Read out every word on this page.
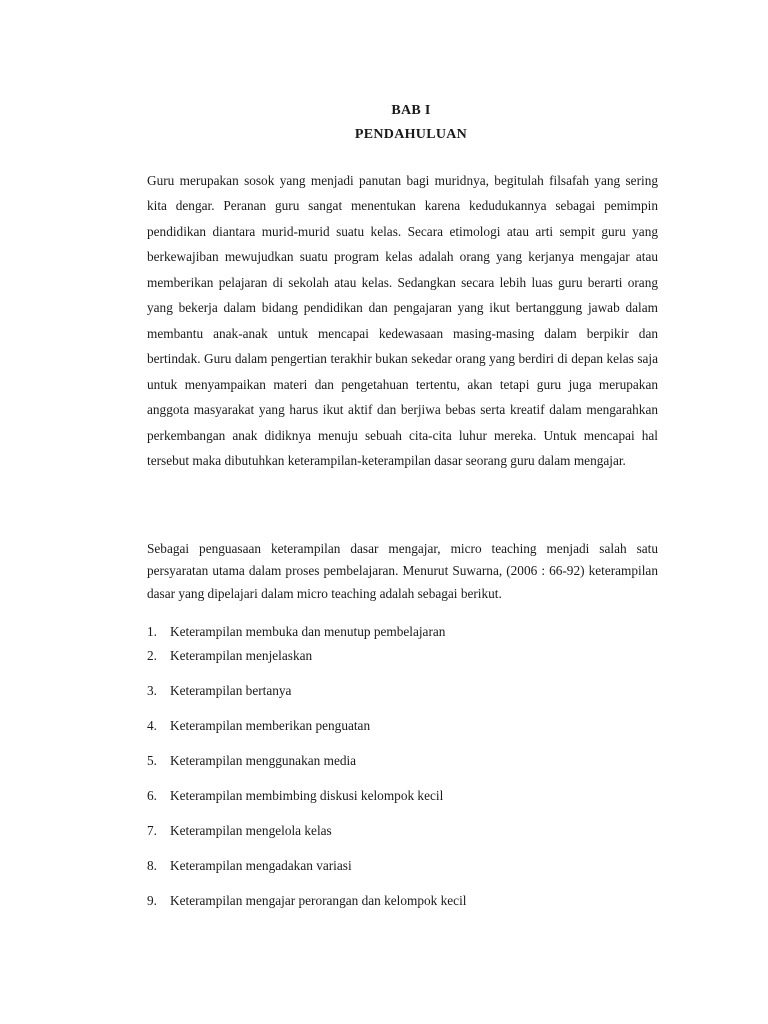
BAB I
PENDAHULUAN

Guru merupakan sosok yang menjadi panutan bagi muridnya, begitulah filsafah yang sering kita dengar. Peranan guru sangat menentukan karena kedudukannya sebagai pemimpin pendidikan diantara murid-murid suatu kelas. Secara etimologi atau arti sempit guru yang berkewajiban mewujudkan suatu program kelas adalah orang yang kerjanya mengajar atau memberikan pelajaran di sekolah atau kelas. Sedangkan secara lebih luas guru berarti orang yang bekerja dalam bidang pendidikan dan pengajaran yang ikut bertanggung jawab dalam membantu anak-anak untuk mencapai kedewasaan masing-masing dalam berpikir dan bertindak. Guru dalam pengertian terakhir bukan sekedar orang yang berdiri di depan kelas saja untuk menyampaikan materi dan pengetahuan tertentu, akan tetapi guru juga merupakan anggota masyarakat yang harus ikut aktif dan berjiwa bebas serta kreatif dalam mengarahkan perkembangan anak didiknya menuju sebuah cita-cita luhur mereka. Untuk mencapai hal tersebut maka dibutuhkan keterampilan-keterampilan dasar seorang guru dalam mengajar.

Sebagai penguasaan keterampilan dasar mengajar, micro teaching menjadi salah satu persyaratan utama dalam proses pembelajaran. Menurut Suwarna, (2006 : 66-92) keterampilan dasar yang dipelajari dalam micro teaching adalah sebagai berikut.

1. Keterampilan membuka dan menutup pembelajaran
2. Keterampilan menjelaskan
3. Keterampilan bertanya
4. Keterampilan memberikan penguatan
5. Keterampilan menggunakan media
6. Keterampilan membimbing diskusi kelompok kecil
7. Keterampilan mengelola kelas
8. Keterampilan mengadakan variasi
9. Keterampilan mengajar perorangan dan kelompok kecil
